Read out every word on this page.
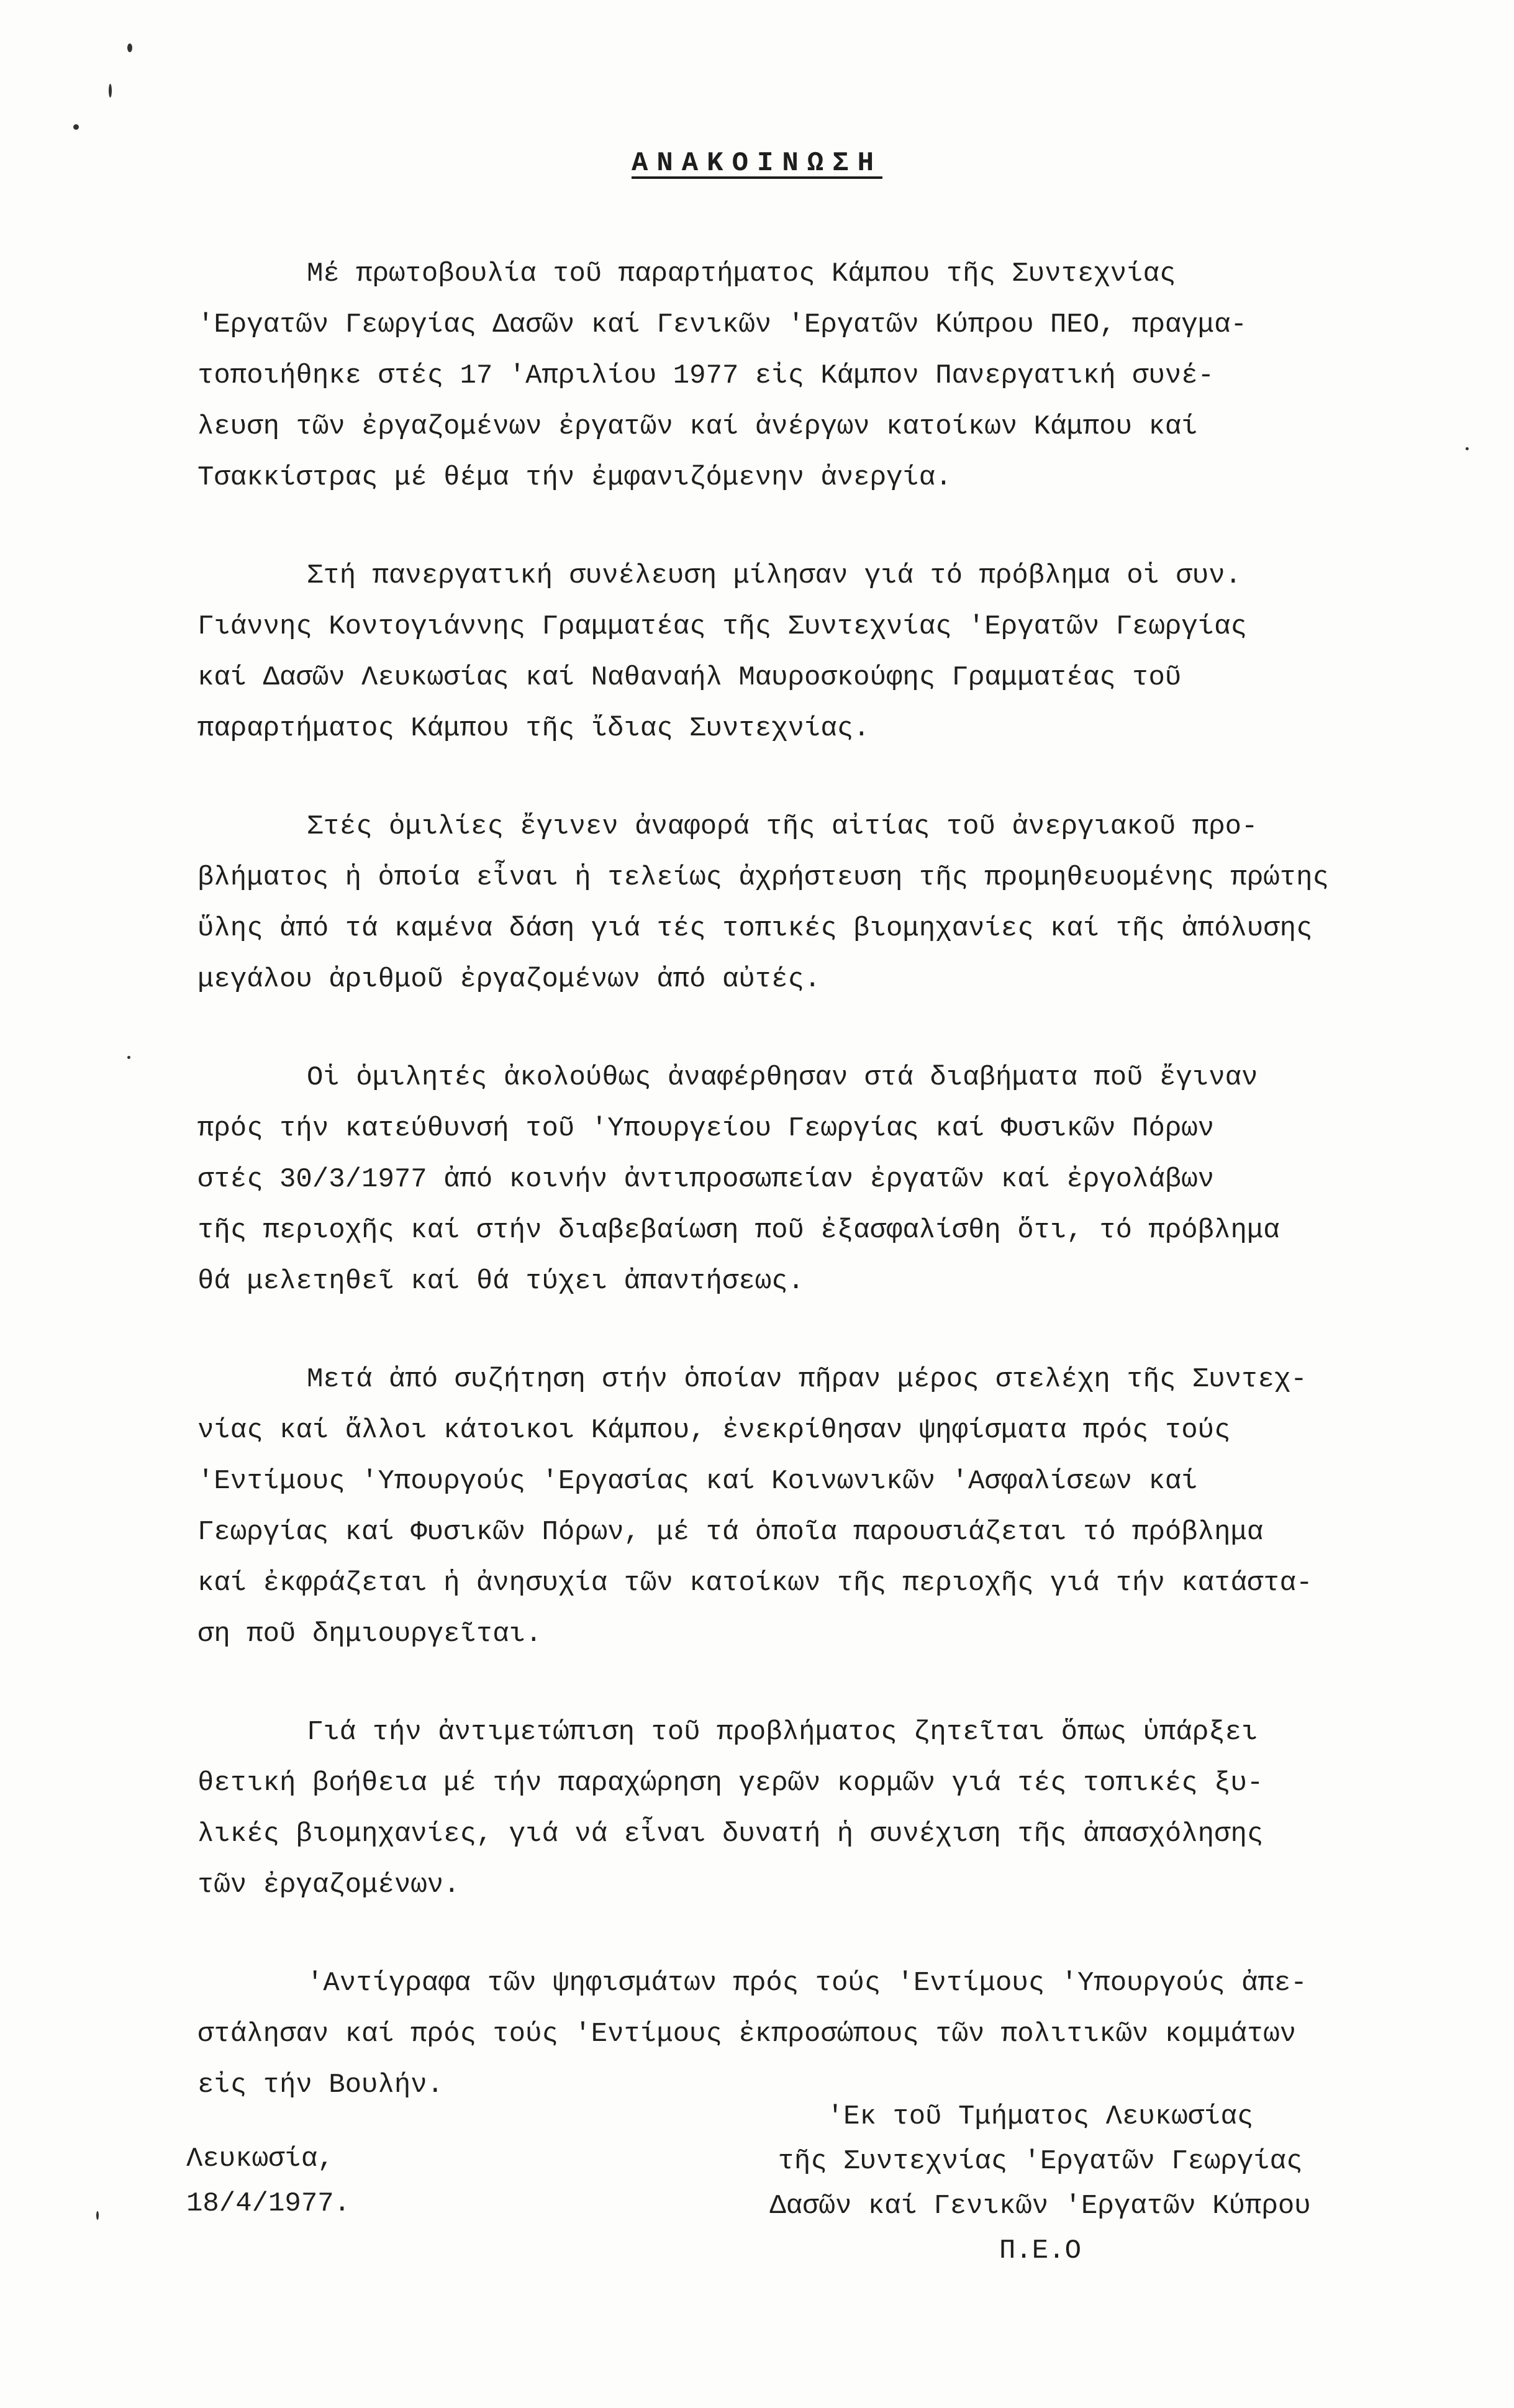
ΑΝΑΚΟΙΝΩΣΗ
Μέ πρωτοβουλία τοῦ παραρτήματος Κάμπου τῆς Συντεχνίας
'Εργατῶν Γεωργίας Δασῶν καί Γενικῶν 'Εργατῶν Κύπρου ΠΕΟ, πραγμα-
τοποιήθηκε στές 17 'Απριλίου 1977 εἰς Κάμπον Πανεργατική συνέ-
λευση τῶν ἐργαζομένων ἐργατῶν καί ἀνέργων κατοίκων Κάμπου καί
Τσακκίστρας μέ θέμα τήν ἐμφανιζόμενην ἀνεργία.
Στή πανεργατική συνέλευση μίλησαν γιά τό πρόβλημα οἱ συν.
Γιάννης Κοντογιάννης Γραμματέας τῆς Συντεχνίας 'Εργατῶν Γεωργίας
καί Δασῶν Λευκωσίας καί Ναθαναήλ Μαυροσκούφης Γραμματέας τοῦ
παραρτήματος Κάμπου τῆς ἴδιας Συντεχνίας.
Στές ὁμιλίες ἔγινεν ἀναφορά τῆς αἰτίας τοῦ ἀνεργιακοῦ προ-
βλήματος ἡ ὁποία εἶναι ἡ τελείως ἀχρήστευση τῆς προμηθευομένης πρώτης
ὕλης ἀπό τά καμένα δάση γιά τές τοπικές βιομηχανίες καί τῆς ἀπόλυσης
μεγάλου ἀριθμοῦ ἐργαζομένων ἀπό αὐτές.
Οἱ ὁμιλητές ἀκολούθως ἀναφέρθησαν στά διαβήματα ποῦ ἔγιναν
πρός τήν κατεύθυνσή τοῦ 'Υπουργείου Γεωργίας καί Φυσικῶν Πόρων
στές 30/3/1977 ἀπό κοινήν ἀντιπροσωπείαν ἐργατῶν καί ἐργολάβων
τῆς περιοχῆς καί στήν διαβεβαίωση ποῦ ἐξασφαλίσθη ὅτι, τό πρόβλημα
θά μελετηθεῖ καί θά τύχει ἀπαντήσεως.
Μετά ἀπό συζήτηση στήν ὁποίαν πῆραν μέρος στελέχη τῆς Συντεχ-
νίας καί ἄλλοι κάτοικοι Κάμπου, ἐνεκρίθησαν ψηφίσματα πρός τούς
'Εντίμους 'Υπουργούς 'Εργασίας καί Κοινωνικῶν 'Ασφαλίσεων καί
Γεωργίας καί Φυσικῶν Πόρων, μέ τά ὁποῖα παρουσιάζεται τό πρόβλημα
καί ἐκφράζεται ἡ ἀνησυχία τῶν κατοίκων τῆς περιοχῆς γιά τήν κατάστα-
ση ποῦ δημιουργεῖται.
Γιά τήν ἀντιμετώπιση τοῦ προβλήματος ζητεῖται ὅπως ὑπάρξει
θετική βοήθεια μέ τήν παραχώρηση γερῶν κορμῶν γιά τές τοπικές ξυ-
λικές βιομηχανίες, γιά νά εἶναι δυνατή ἡ συνέχιση τῆς ἀπασχόλησης
τῶν ἐργαζομένων.
'Αντίγραφα τῶν ψηφισμάτων πρός τούς 'Εντίμους 'Υπουργούς ἀπε-
στάλησαν καί πρός τούς 'Εντίμους ἐκπροσώπους τῶν πολιτικῶν κομμάτων
εἰς τήν Βουλήν.
Λευκωσία,
18/4/1977.
'Εκ τοῦ Τμήματος Λευκωσίας
τῆς Συντεχνίας 'Εργατῶν Γεωργίας
Δασῶν καί Γενικῶν 'Εργατῶν Κύπρου
Π.Ε.Ο
